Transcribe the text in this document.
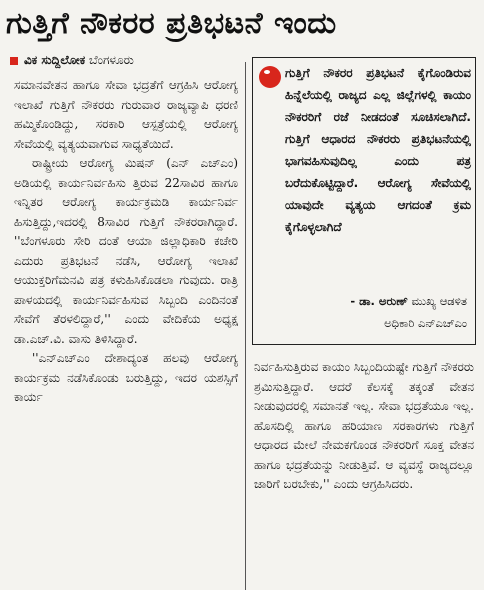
ಗುತ್ತಿಗೆ ನೌಕರರ ಪ್ರತಿಭಟನೆ ಇಂದು
ವಿಕ ಸುದ್ದಿಲೋಕ ಬೆಂಗಳೂರು

ಸಮಾನವೇತನ ಹಾಗೂ ಸೇವಾ ಭದ್ರತೆಗೆ ಆಗ್ರಹಿಸಿ ಆರೋಗ್ಯ ಇಲಾಖೆ ಗುತ್ತಿಗೆ ನೌಕರರು ಗುರುವಾರ ರಾಜ್ಯವ್ಯಾಪಿ ಧರಣಿ ಹಮ್ಮಿಕೊಂಡಿದ್ದು, ಸರಕಾರಿ ಆಸ್ಪತ್ರೆಯಲ್ಲಿ ಆರೋಗ್ಯ ಸೇವೆಯಲ್ಲಿ ವ್ಯತ್ಯಯವಾಗುವ ಸಾಧ್ಯತೆಯಿದೆ.

ರಾಷ್ಟ್ರೀಯ ಆರೋಗ್ಯ ಮಿಷನ್ (ಎನ್ ಎಚ್‌ಎಂ) ಅಡಿಯಲ್ಲಿ ಕಾರ್ಯನಿರ್ವಹಿಸು ತ್ತಿರುವ 22ಸಾವಿರ ಹಾಗೂ ಇನ್ನಿತರ ಆರೋಗ್ಯ ಕಾರ್ಯಕ್ರಮಡಿ ಕಾರ್ಯನಿರ್ವ ಹಿಸುತ್ತಿದ್ದು,ಇದರಲ್ಲಿ 8ಸಾವಿರ ಗುತ್ತಿಗೆ ನೌಕರರಾಗಿದ್ದಾರೆ. ''ಬೆಂಗಳೂರು ಸೇರಿ ದಂತೆ ಆಯಾ ಜಿಲ್ಲಾಧಿಕಾರಿ ಕಚೇರಿ ಎದುರು ಪ್ರತಿಭಟನೆ ನಡೆಸಿ, ಆರೋಗ್ಯ ಇಲಾಖೆ ಆಯುಕ್ತರಿಗೆಮನವಿ ಪತ್ರ ಕಳುಹಿಸಿಕೊಡಲಾ ಗುವುದು. ರಾತ್ರಿ ಪಾಳಯದಲ್ಲಿ ಕಾರ್ಯನಿರ್ವಹಿಸುವ ಸಿಬ್ಬಂದಿ ಎಂದಿನಂತೆ ಸೇವೆಗೆ ತೆರಳಲಿದ್ದಾರೆ,'' ಎಂದು ವೇದಿಕೆಯ ಅಧ್ಯಕ್ಷ ಡಾ.ಎಚ್.ವಿ. ವಾಸು ತಿಳಿಸಿದ್ದಾರೆ.

''ಎನ್‌ಎಚ್‌ಎಂ ದೇಶಾದ್ಯಂತ ಹಲವು ಆರೋಗ್ಯ ಕಾರ್ಯಕ್ರಮ ನಡೆಸಿಕೊಂಡು ಬರುತ್ತಿದ್ದು, ಇದರ ಯಶಸ್ಸಿಗೆ ಕಾರ್ಯ

ಗುತ್ತಿಗೆ ನೌಕರರ ಪ್ರತಿಭಟನೆ ಕೈಗೊಂಡಿರುವ ಹಿನ್ನೆಲೆಯಲ್ಲಿ ರಾಜ್ಯದ ಎಲ್ಲ ಜಿಲ್ಲೆಗಳಲ್ಲಿ ಕಾಯಂ ನೌಕರರಿಗೆ ರಜೆ ನೀಡದಂತೆ ಸೂಚಿಸಲಾಗಿದೆ. ಗುತ್ತಿಗೆ ಆಧಾರದ ನೌಕರರು ಪ್ರತಿಭಟನೆಯಲ್ಲಿ ಭಾಗವಹಿಸುವುದಿಲ್ಲ ಎಂದು ಪತ್ರ ಬರೆದುಕೊಟ್ಟಿದ್ದಾರೆ. ಆರೋಗ್ಯ ಸೇವೆಯಲ್ಲಿ ಯಾವುದೇ ವ್ಯತ್ಯಯ ಆಗದಂತೆ ಕ್ರಮ ಕೈಗೊಳ್ಳಲಾಗಿದೆ
- ಡಾ. ಅರುಣ್ ಮುಖ್ಯ ಆಡಳಿತ
ಅಧಿಕಾರಿ ಎನ್‌ಎಚ್‌ಎಂ

ನಿರ್ವಹಿಸುತ್ತಿರುವ ಕಾಯಂ ಸಿಬ್ಬಂದಿಯಷ್ಟೇ ಗುತ್ತಿಗೆ ನೌಕರರು ಶ್ರಮಿಸುತ್ತಿದ್ದಾರೆ. ಆದರೆ ಕೆಲಸಕ್ಕೆ ತಕ್ಕಂತೆ ವೇತನ ನೀಡುವುದರಲ್ಲಿ ಸಮಾನತೆ ಇಲ್ಲ. ಸೇವಾ ಭದ್ರತೆಯೂ ಇಲ್ಲ. ಹೊಸದಿಲ್ಲಿ ಹಾಗೂ ಹರಿಯಾಣ ಸರಕಾರಗಳು ಗುತ್ತಿಗೆ ಆಧಾರದ ಮೇಲೆ ನೇಮಕಗೊಂಡ ನೌಕರರಿಗೆ ಸೂಕ್ತ ವೇತನ ಹಾಗೂ ಭದ್ರತೆಯನ್ನು ನೀಡುತ್ತಿವೆ. ಆ ವ್ಯವಸ್ಥೆ ರಾಜ್ಯದಲ್ಲೂ ಜಾರಿಗೆ ಬರಬೇಕು,'' ಎಂದು ಆಗ್ರಹಿಸಿದರು.
